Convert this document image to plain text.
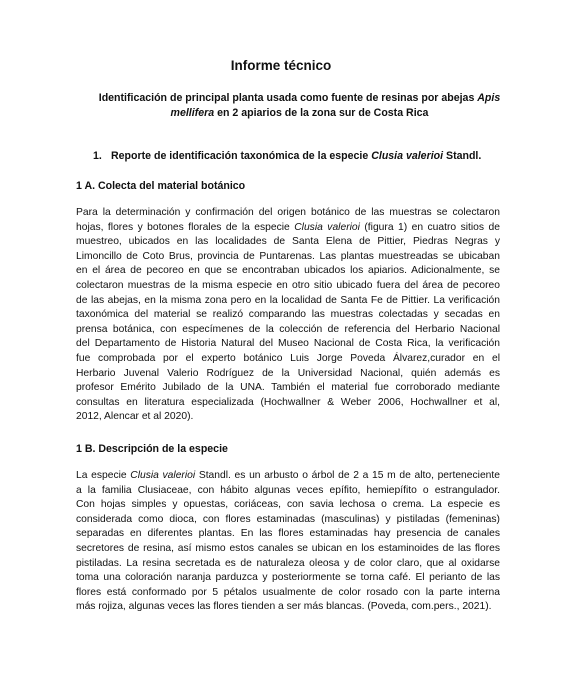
Informe técnico
Identificación de principal planta usada como fuente de resinas por abejas Apis
mellifera en 2 apiarios de la zona sur de Costa Rica
1. Reporte de identificación taxonómica de la especie Clusia valerioi Standl.
1 A. Colecta del material botánico
Para la determinación y confirmación del origen botánico de las muestras se colectaron
hojas, flores y botones florales de la especie Clusia valerioi (figura 1) en cuatro sitios de
muestreo, ubicados en las localidades de Santa Elena de Pittier, Piedras Negras y
Limoncillo de Coto Brus, provincia de Puntarenas. Las plantas muestreadas se ubicaban
en el área de pecoreo en que se encontraban ubicados los apiarios. Adicionalmente, se
colectaron muestras de la misma especie en otro sitio ubicado fuera del área de pecoreo
de las abejas, en la misma zona pero en la localidad de Santa Fe de Pittier. La verificación
taxonómica del material se realizó comparando las muestras colectadas y secadas en
prensa botánica, con especímenes de la colección de referencia del Herbario Nacional
del Departamento de Historia Natural del Museo Nacional de Costa Rica, la verificación
fue comprobada por el experto botánico Luis Jorge Poveda Álvarez,curador en el
Herbario Juvenal Valerio Rodríguez de la Universidad Nacional, quién además es
profesor Emérito Jubilado de la UNA. También el material fue corroborado mediante
consultas en literatura especializada (Hochwallner & Weber 2006, Hochwallner et al,
2012, Alencar et al 2020).
1 B. Descripción de la especie
La especie Clusia valerioi Standl. es un arbusto o árbol de 2 a 15 m de alto, perteneciente
a la familia Clusiaceae, con hábito algunas veces epífito, hemiepífito o estrangulador.
Con hojas simples y opuestas, coriáceas, con savia lechosa o crema. La especie es
considerada como dioca, con flores estaminadas (masculinas) y pistiladas (femeninas)
separadas en diferentes plantas. En las flores estaminadas hay presencia de canales
secretores de resina, así mismo estos canales se ubican en los estaminoides de las flores
pistiladas. La resina secretada es de naturaleza oleosa y de color claro, que al oxidarse
toma una coloración naranja parduzca y posteriormente se torna café. El perianto de las
flores está conformado por 5 pétalos usualmente de color rosado con la parte interna
más rojiza, algunas veces las flores tienden a ser más blancas. (Poveda, com.pers., 2021).
